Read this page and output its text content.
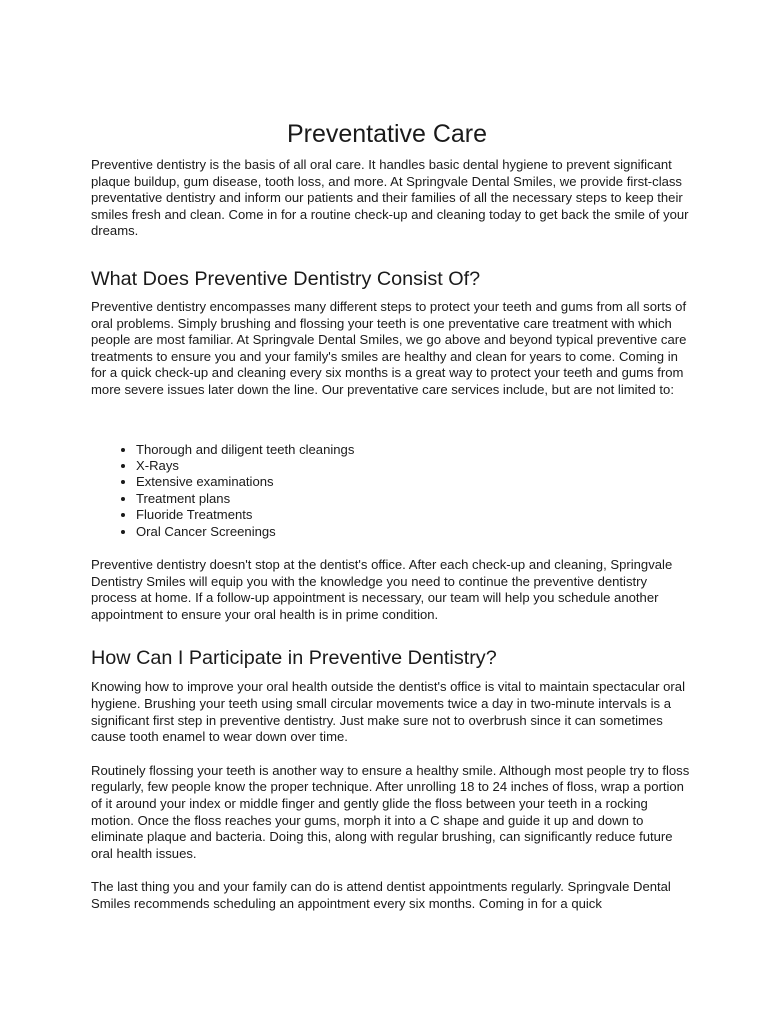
Preventative Care

Preventive dentistry is the basis of all oral care. It handles basic dental hygiene to prevent significant plaque buildup, gum disease, tooth loss, and more. At Springvale Dental Smiles, we provide first-class preventative dentistry and inform our patients and their families of all the necessary steps to keep their smiles fresh and clean. Come in for a routine check-up and cleaning today to get back the smile of your dreams.

What Does Preventive Dentistry Consist Of?

Preventive dentistry encompasses many different steps to protect your teeth and gums from all sorts of oral problems. Simply brushing and flossing your teeth is one preventative care treatment with which people are most familiar. At Springvale Dental Smiles, we go above and beyond typical preventive care treatments to ensure you and your family's smiles are healthy and clean for years to come. Coming in for a quick check-up and cleaning every six months is a great way to protect your teeth and gums from more severe issues later down the line. Our preventative care services include, but are not limited to:

• Thorough and diligent teeth cleanings
• X-Rays
• Extensive examinations
• Treatment plans
• Fluoride Treatments
• Oral Cancer Screenings

Preventive dentistry doesn't stop at the dentist's office. After each check-up and cleaning, Springvale Dentistry Smiles will equip you with the knowledge you need to continue the preventive dentistry process at home. If a follow-up appointment is necessary, our team will help you schedule another appointment to ensure your oral health is in prime condition.

How Can I Participate in Preventive Dentistry?

Knowing how to improve your oral health outside the dentist's office is vital to maintain spectacular oral hygiene. Brushing your teeth using small circular movements twice a day in two-minute intervals is a significant first step in preventive dentistry. Just make sure not to overbrush since it can sometimes cause tooth enamel to wear down over time.

Routinely flossing your teeth is another way to ensure a healthy smile. Although most people try to floss regularly, few people know the proper technique. After unrolling 18 to 24 inches of floss, wrap a portion of it around your index or middle finger and gently glide the floss between your teeth in a rocking motion. Once the floss reaches your gums, morph it into a C shape and guide it up and down to eliminate plaque and bacteria. Doing this, along with regular brushing, can significantly reduce future oral health issues.

The last thing you and your family can do is attend dentist appointments regularly. Springvale Dental Smiles recommends scheduling an appointment every six months. Coming in for a quick
